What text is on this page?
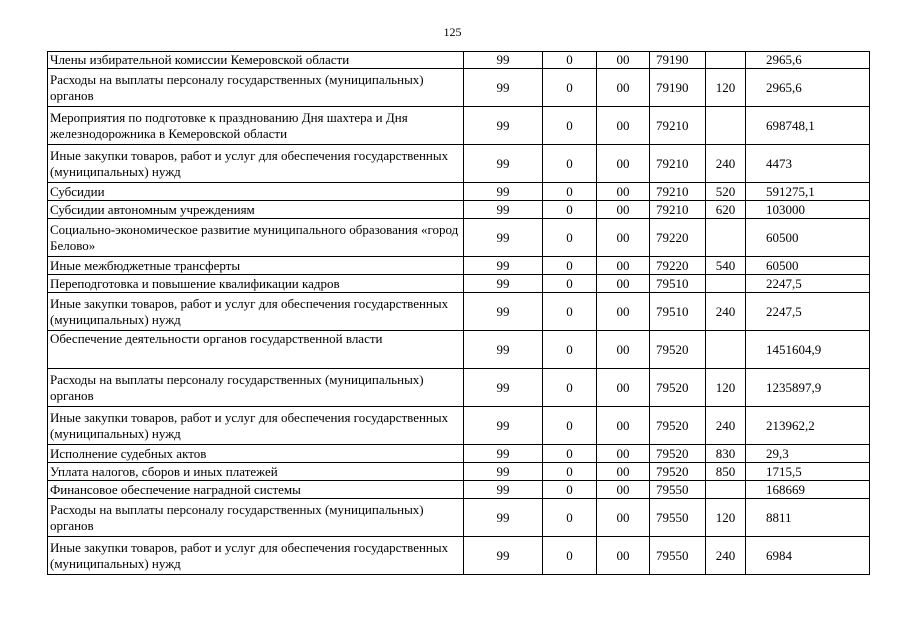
125
Члены избирательной комиссии Кемеровской области	99	0	00	79190		2965,6
Расходы на выплаты персоналу государственных (муниципальных) органов	99	0	00	79190	120	2965,6
Мероприятия по подготовке к празднованию Дня шахтера и Дня железнодорожника в Кемеровской области	99	0	00	79210		698748,1
Иные закупки товаров, работ и услуг для обеспечения государственных (муниципальных) нужд	99	0	00	79210	240	4473
Субсидии	99	0	00	79210	520	591275,1
Субсидии автономным учреждениям	99	0	00	79210	620	103000
Социально-экономическое развитие муниципального образования «город Белово»	99	0	00	79220		60500
Иные межбюджетные трансферты	99	0	00	79220	540	60500
Переподготовка и повышение квалификации кадров	99	0	00	79510		2247,5
Иные закупки товаров, работ и услуг для обеспечения государственных (муниципальных) нужд	99	0	00	79510	240	2247,5
Обеспечение деятельности органов государственной власти	99	0	00	79520		1451604,9
Расходы на выплаты персоналу государственных (муниципальных) органов	99	0	00	79520	120	1235897,9
Иные закупки товаров, работ и услуг для обеспечения государственных (муниципальных) нужд	99	0	00	79520	240	213962,2
Исполнение судебных актов	99	0	00	79520	830	29,3
Уплата налогов, сборов и иных платежей	99	0	00	79520	850	1715,5
Финансовое обеспечение наградной системы	99	0	00	79550		168669
Расходы на выплаты персоналу государственных (муниципальных) органов	99	0	00	79550	120	8811
Иные закупки товаров, работ и услуг для обеспечения государственных (муниципальных) нужд	99	0	00	79550	240	6984
